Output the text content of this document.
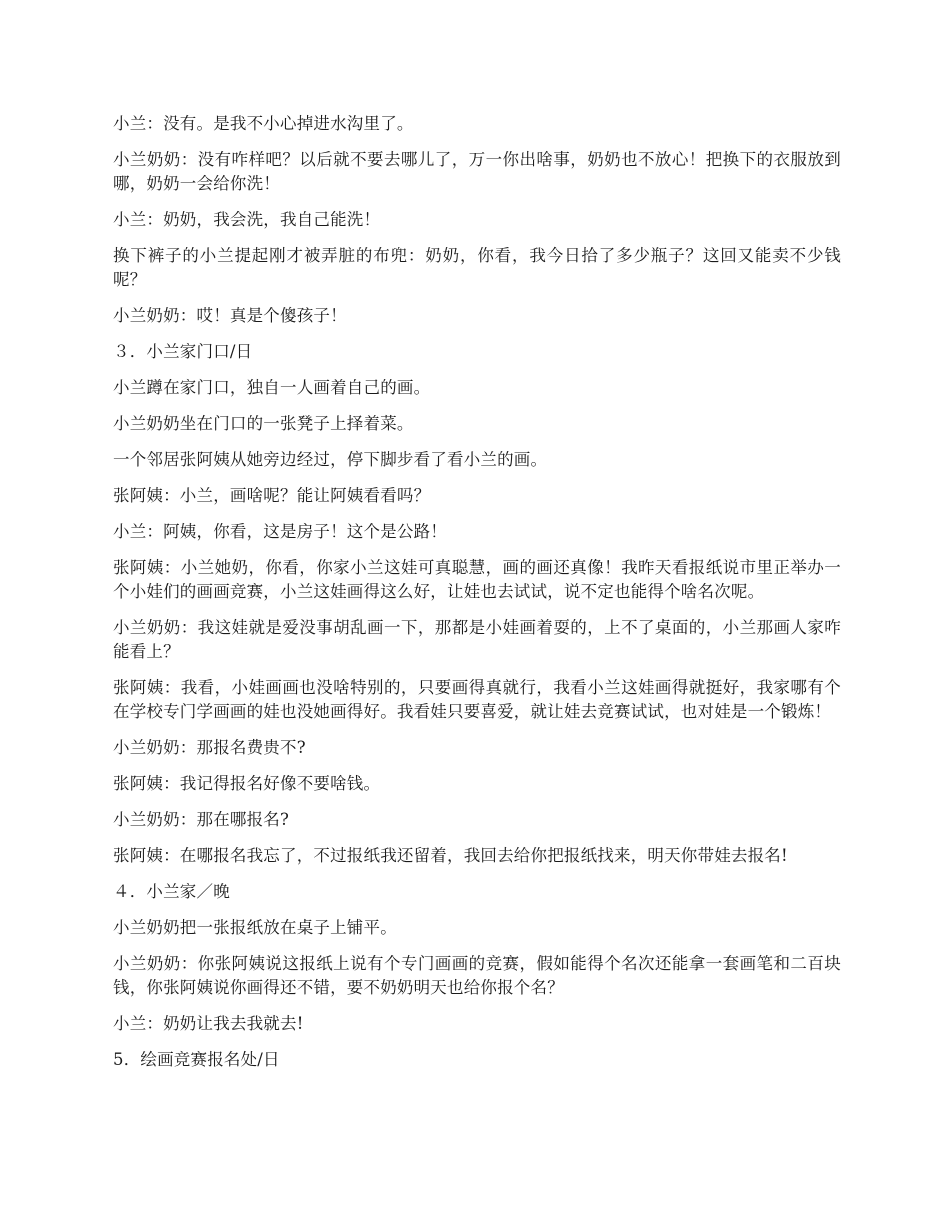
小兰：没有。是我不小心掉进水沟里了。

小兰奶奶：没有咋样吧？以后就不要去哪儿了，万一你出啥事，奶奶也不放心！把换下的衣服放到哪，奶奶一会给你洗！

小兰：奶奶，我会洗，我自己能洗！

换下裤子的小兰提起刚才被弄脏的布兜：奶奶，你看，我今日拾了多少瓶子？这回又能卖不少钱呢？

小兰奶奶：哎！真是个傻孩子！

３．小兰家门口/日

小兰蹲在家门口，独自一人画着自己的画。

小兰奶奶坐在门口的一张凳子上择着菜。

一个邻居张阿姨从她旁边经过，停下脚步看了看小兰的画。

张阿姨：小兰，画啥呢？能让阿姨看看吗？

小兰：阿姨，你看，这是房子！这个是公路！

张阿姨：小兰她奶，你看，你家小兰这娃可真聪慧，画的画还真像！我昨天看报纸说市里正举办一个小娃们的画画竞赛，小兰这娃画得这么好，让娃也去试试，说不定也能得个啥名次呢。

小兰奶奶：我这娃就是爱没事胡乱画一下，那都是小娃画着耍的，上不了桌面的，小兰那画人家咋能看上？

张阿姨：我看，小娃画画也没啥特别的，只要画得真就行，我看小兰这娃画得就挺好，我家哪有个在学校专门学画画的娃也没她画得好。我看娃只要喜爱，就让娃去竞赛试试，也对娃是一个锻炼！

小兰奶奶：那报名费贵不?

张阿姨：我记得报名好像不要啥钱。

小兰奶奶：那在哪报名?

张阿姨：在哪报名我忘了，不过报纸我还留着，我回去给你把报纸找来，明天你带娃去报名!

４．小兰家／晚

小兰奶奶把一张报纸放在桌子上铺平。

小兰奶奶：你张阿姨说这报纸上说有个专门画画的竞赛，假如能得个名次还能拿一套画笔和二百块钱，你张阿姨说你画得还不错，要不奶奶明天也给你报个名？

小兰：奶奶让我去我就去!

5．绘画竞赛报名处/日
